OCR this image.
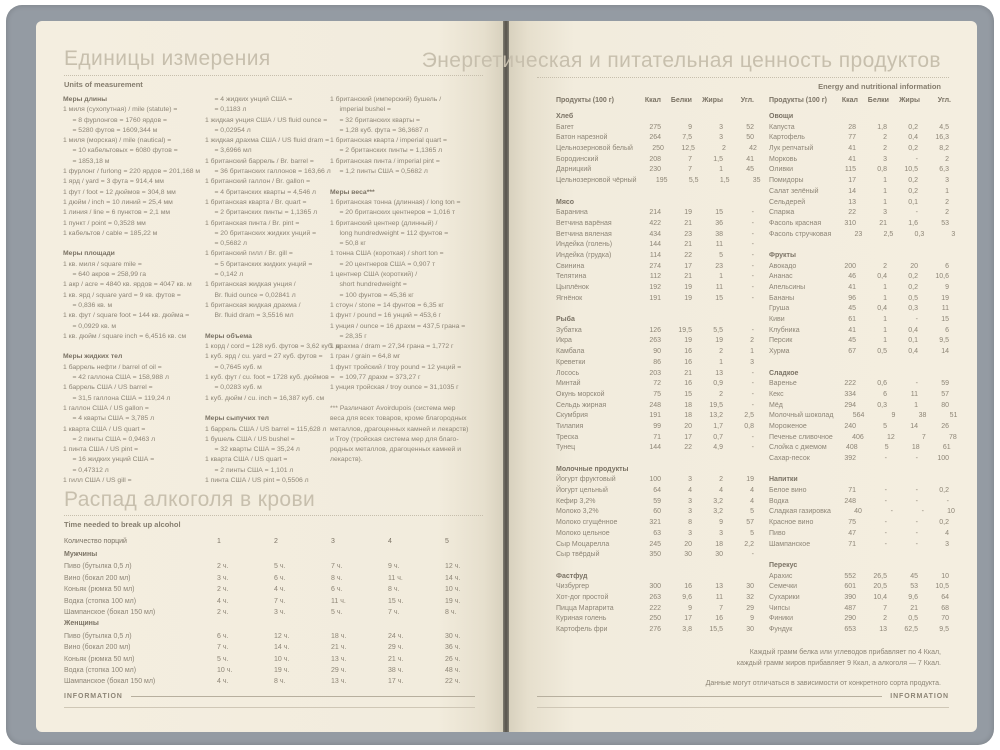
Единицы измерения
Units of measurement
Меры длины
1 миля (сухопутная) / mile (statute) =
= 8 фурлонгов = 1760 ярдов =
= 5280 футов = 1609,344 м
1 миля (морская) / mile (nautical) =
= 10 кабельтовых = 6080 футов =
= 1853,18 м
1 фурлонг / furlong = 220 ярдов = 201,168 м
1 ярд / yard = 3 фута = 914,4 мм
1 фут / foot = 12 дюймов = 304,8 мм
1 дюйм / inch = 10 линий = 25,4 мм
1 линия / line = 6 пунктов = 2,1 мм
1 пункт / point = 0,3528 мм
1 кабельтов / cable = 185,22 м
Меры площади
1 кв. миля / square mile =
= 640 акров = 258,99 га
1 акр / acre = 4840 кв. ярдов = 4047 кв. м
1 кв. ярд / square yard = 9 кв. футов =
= 0,836 кв. м
1 кв. фут / square foot = 144 кв. дюйма =
= 0,0929 кв. м
1 кв. дюйм / square inch = 6,4516 кв. см
Меры жидких тел
1 баррель нефти / barrel of oil =
= 42 галлона США = 158,988 л
1 баррель США / US barrel =
= 31,5 галлона США = 119,24 л
1 галлон США / US gallon =
= 4 кварты США = 3,785 л
1 кварта США / US quart =
= 2 пинты США = 0,9463 л
1 пинта США / US pint =
= 16 жидких унций США =
= 0,47312 л
1 гилл США / US gill =
= 4 жидких унций США =
= 0,1183 л
1 жидкая унция США / US fluid ounce =
= 0,02954 л
1 жидкая драхма США / US fluid dram =
= 3,6966 мл
1 британский баррель / Br. barrel =
= 36 британских галлонов = 163,66 л
1 британский галлон / Br. gallon =
= 4 британских кварты = 4,546 л
1 британская кварта / Br. quart =
= 2 британских пинты = 1,1365 л
1 британская пинта / Br. pint =
= 20 британских жидких унций =
= 0,5682 л
1 британский гилл / Br. gill =
= 5 британских жидких унций =
= 0,142 л
1 британская жидкая унция /
Br. fluid ounce = 0,02841 л
1 британская жидкая драхма /
Br. fluid dram = 3,5516 мл
Меры объема
1 корд / cord = 128 куб. футов = 3,62 куб. м
1 куб. ярд / cu. yard = 27 куб. футов =
= 0,7645 куб. м
1 куб. фут / cu. foot = 1728 куб. дюймов =
= 0,0283 куб. м
1 куб. дюйм / cu. inch = 16,387 куб. см
Меры сыпучих тел
1 баррель США / US barrel = 115,628 л
1 бушель США / US bushel =
= 32 кварты США = 35,24 л
1 кварта США / US quart =
= 2 пинты США = 1,101 л
1 пинта США / US pint = 0,5506 л
1 британский (имперский) бушель /
imperial bushel =
= 32 британских кварты =
= 1,28 куб. фута = 36,3687 л
1 британская кварта / imperial quart =
= 2 британских пинты = 1,1365 л
1 британская пинта / imperial pint =
= 1,2 пинты США = 0,5682 л
Меры веса***
1 британская тонна (длинная) / long ton =
= 20 британских центнеров = 1,016 т
1 британский центнер (длинный) /
long hundredweight = 112 фунтов =
= 50,8 кг
1 тонна США (короткая) / short ton =
= 20 центнеров США = 0,907 т
1 центнер США (короткий) /
short hundredweight =
= 100 фунтов = 45,36 кг
1 стоун / stone = 14 фунтов = 6,35 кг
1 фунт / pound = 16 унций = 453,6 г
1 унция / ounce = 16 драхм = 437,5 грана =
= 28,35 г
1 драхма / dram = 27,34 грана = 1,772 г
1 гран / grain = 64,8 мг
1 фунт тройский / troy pound = 12 унций =
= 109,77 драхм = 373,27 г
1 унция тройская / troy ounce = 31,1035 г
*** Различают Avoirdupois (система мер
веса для всех товаров, кроме благородных
металлов, драгоценных камней и лекарств)
и Troy (тройская система мер для благо-
родных металлов, драгоценных камней и
лекарств).
Распад алкоголя в крови
Time needed to break up alcohol
Количество порций	1	2	3	4	5
Мужчины
Пиво (бутылка 0,5 л)	2 ч.	5 ч.	7 ч.	9 ч.	12 ч.
Вино (бокал 200 мл)	3 ч.	6 ч.	8 ч.	11 ч.	14 ч.
Коньяк (рюмка 50 мл)	2 ч.	4 ч.	6 ч.	8 ч.	10 ч.
Водка (стопка 100 мл)	4 ч.	7 ч.	11 ч.	15 ч.	19 ч.
Шампанское (бокал 150 мл)	2 ч.	3 ч.	5 ч.	7 ч.	8 ч.
Женщины
Пиво (бутылка 0,5 л)	6 ч.	12 ч.	18 ч.	24 ч.	30 ч.
Вино (бокал 200 мл)	7 ч.	14 ч.	21 ч.	29 ч.	36 ч.
Коньяк (рюмка 50 мл)	5 ч.	10 ч.	13 ч.	21 ч.	26 ч.
Водка (стопка 100 мл)	10 ч.	19 ч.	29 ч.	38 ч.	48 ч.
Шампанское (бокал 150 мл)	4 ч.	8 ч.	13 ч.	17 ч.	22 ч.
INFORMATION
Энергетическая и питательная ценность продуктов
Energy and nutritional information
Продукты (100 г)	Ккал	Белки	Жиры	Угл.
Хлеб
Багет	275	9	3	52
Батон нарезной	264	7,5	3	50
Цельнозерновой белый	250	12,5	2	42
Бородинский	208	7	1,5	41
Дарницкий	230	7	1	45
Цельнозерновой чёрный	195	5,5	1,5	35
Мясо
Баранина	214	19	15	-
Ветчина варёная	422	21	36	-
Ветчина вяленая	434	23	38	-
Индейка (голень)	144	21	11	-
Индейка (грудка)	114	22	5	-
Свинина	274	17	23	-
Телятина	112	21	1	-
Цыплёнок	192	19	11	-
Ягнёнок	191	19	15	-
Рыба
Зубатка	126	19,5	5,5	-
Икра	263	19	19	2
Камбала	90	16	2	1
Креветки	86	16	1	3
Лосось	203	21	13	-
Минтай	72	16	0,9	-
Окунь морской	75	15	2	-
Сельдь жирная	248	18	19,5	-
Скумбрия	191	18	13,2	2,5
Тилапия	99	20	1,7	0,8
Треска	71	17	0,7	-
Тунец	144	22	4,9	-
Молочные продукты
Йогурт фруктовый	100	3	2	19
Йогурт цельный	64	4	4	4
Кефир 3,2%	59	3	3,2	4
Молоко 3,2%	60	3	3,2	5
Молоко сгущённое	321	8	9	57
Молоко цельное	63	3	3	5
Сыр Моцарелла	245	20	18	2,2
Сыр твёрдый	350	30	30	-
Фастфуд
Чизбургер	300	16	13	30
Хот-дог простой	263	9,6	11	32
Пицца Маргарита	222	9	7	29
Куриная голень	250	17	16	9
Картофель фри	276	3,8	15,5	30
Продукты (100 г)	Ккал	Белки	Жиры	Угл.
Овощи
Капуста	28	1,8	0,2	4,5
Картофель	77	2	0,4	16,3
Лук репчатый	41	2	0,2	8,2
Морковь	41	3	-	2
Оливки	115	0,8	10,5	6,3
Помидоры	17	1	0,2	3
Салат зелёный	14	1	0,2	1
Сельдерей	13	1	0,1	2
Спаржа	22	3	-	2
Фасоль красная	310	21	1,6	53
Фасоль стручковая	23	2,5	0,3	3
Фрукты
Авокадо	200	2	20	6
Ананас	46	0,4	0,2	10,6
Апельсины	41	1	0,2	9
Бананы	96	1	0,5	19
Груша	45	0,4	0,3	11
Киви	61	1	-	15
Клубника	41	1	0,4	6
Персик	45	1	0,1	9,5
Хурма	67	0,5	0,4	14
Сладкое
Варенье	222	0,6	-	59
Кекс	334	6	11	57
Мёд	294	0,3	1	80
Молочный шоколад	564	9	38	51
Мороженое	240	5	14	26
Печенье сливочное	406	12	7	78
Слойка с джемом	408	5	18	61
Сахар-песок	392	-	-	100
Напитки
Белое вино	71	-	-	0,2
Водка	248	-	-	-
Сладкая газировка	40	-	-	10
Красное вино	75	-	-	0,2
Пиво	47	-	-	4
Шампанское	71	-	-	3
Перекус
Арахис	552	26,5	45	10
Семечки	601	20,5	53	10,5
Сухарики	390	10,4	9,6	64
Чипсы	487	7	21	68
Финики	290	2	0,5	70
Фундук	653	13	62,5	9,5
Каждый грамм белка или углеводов прибавляет по 4 Ккал,
каждый грамм жиров прибавляет 9 Ккал, а алкоголя — 7 Ккал.
Данные могут отличаться в зависимости от конкретного сорта продукта.
INFORMATION
